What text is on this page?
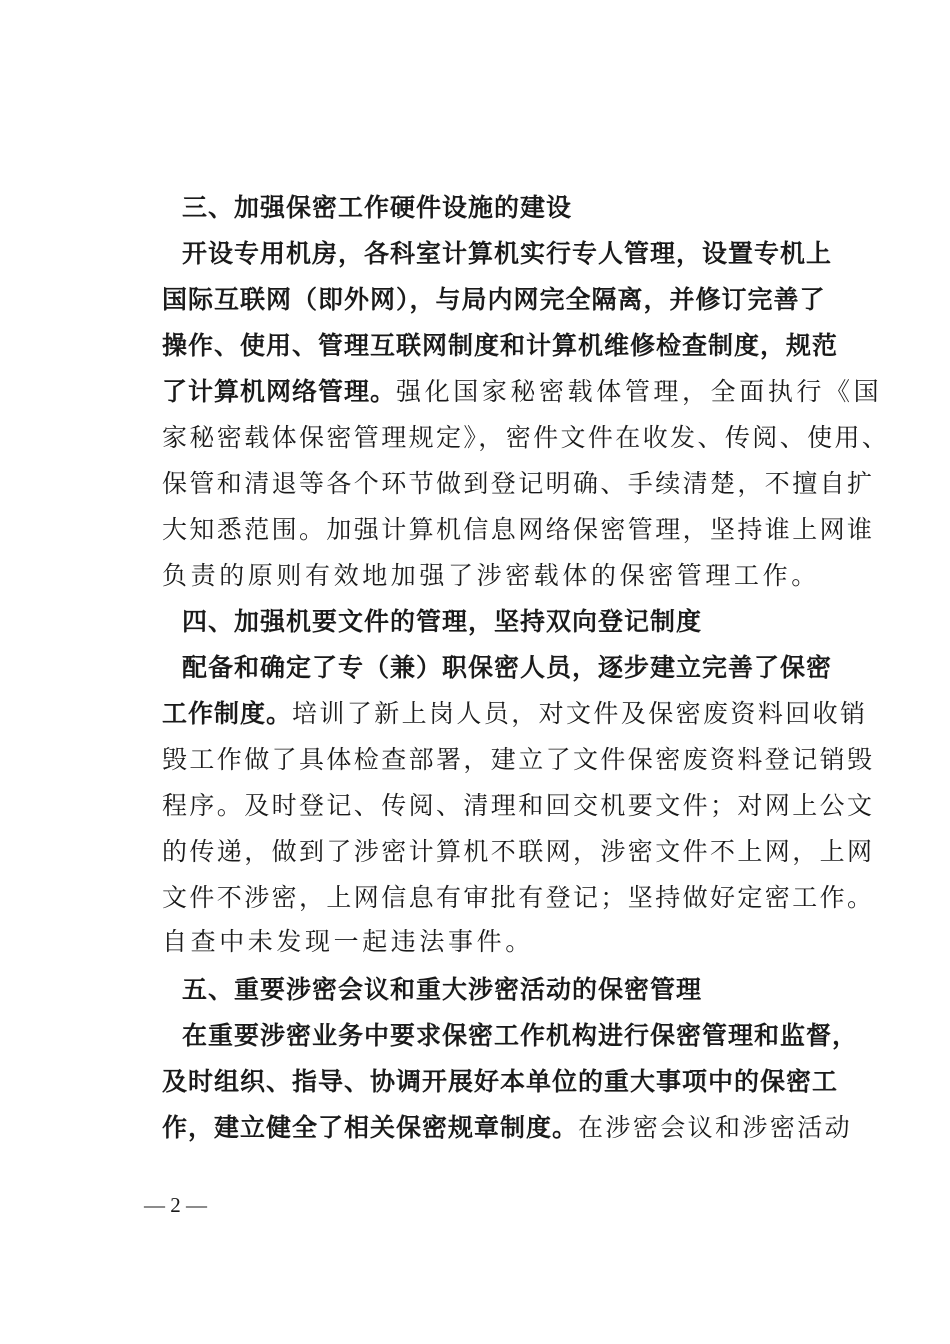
三、加强保密工作硬件设施的建设
开设专用机房，各科室计算机实行专人管理，设置专机上
国际互联网（即外网），与局内网完全隔离，并修订完善了
操作、使用、管理互联网制度和计算机维修检查制度，规范
了计算机网络管理。强化国家秘密载体管理，全面执行《国
家秘密载体保密管理规定》，密件文件在收发、传阅、使用、
保管和清退等各个环节做到登记明确、手续清楚，不擅自扩
大知悉范围。加强计算机信息网络保密管理，坚持谁上网谁
负责的原则有效地加强了涉密载体的保密管理工作。
四、加强机要文件的管理，坚持双向登记制度
配备和确定了专（兼）职保密人员，逐步建立完善了保密
工作制度。培训了新上岗人员，对文件及保密废资料回收销
毁工作做了具体检查部署，建立了文件保密废资料登记销毁
程序。及时登记、传阅、清理和回交机要文件；对网上公文
的传递，做到了涉密计算机不联网，涉密文件不上网，上网
文件不涉密，上网信息有审批有登记；坚持做好定密工作。
自查中未发现一起违法事件。
五、重要涉密会议和重大涉密活动的保密管理
在重要涉密业务中要求保密工作机构进行保密管理和监督，
及时组织、指导、协调开展好本单位的重大事项中的保密工
作，建立健全了相关保密规章制度。在涉密会议和涉密活动
— 2 —
